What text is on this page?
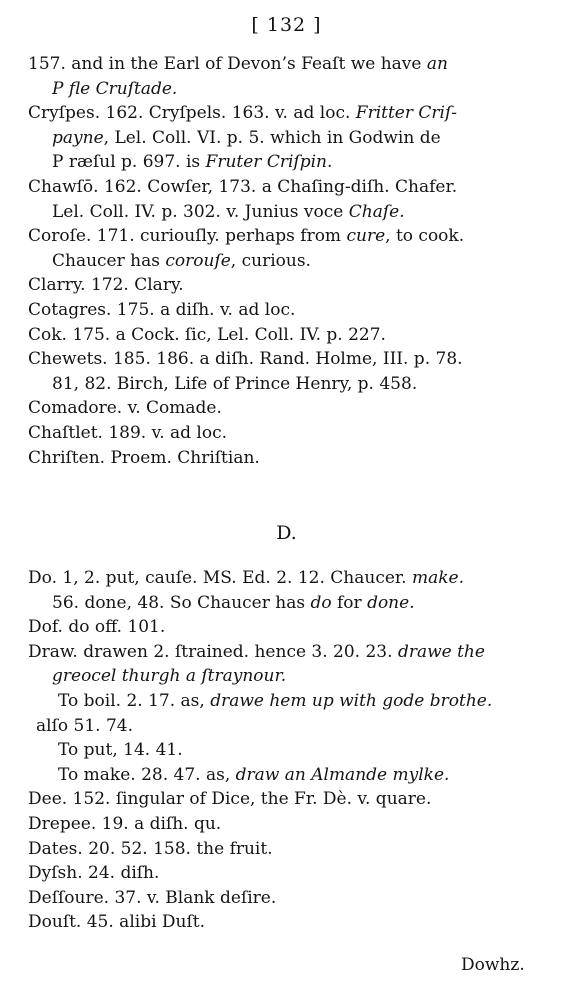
[ 132 ]
157. and in the Earl of Devon’s Feaſt we have an
P fle Cruſtade.
Cryſpes. 162. Cryſpels. 163. v. ad loc. Fritter Criſ-
payne, Lel. Coll. VI. p. 5. which in Godwin de
P ræſul p. 697. is Fruter Criſpin.
Chawſō. 162. Cowſer, 173. a Chaſing-diſh. Chafer.
Lel. Coll. IV. p. 302. v. Junius voce Chaſe.
Coroſe. 171. curiouſly. perhaps from cure, to cook.
Chaucer has corouſe, curious.
Clarry. 172. Clary.
Cotagres. 175. a diſh. v. ad loc.
Cok. 175. a Cock. ſic, Lel. Coll. IV. p. 227.
Chewets. 185. 186. a diſh. Rand. Holme, III. p. 78.
81, 82. Birch, Life of Prince Henry, p. 458.
Comadore. v. Comade.
Chaſtlet. 189. v. ad loc.
Chriſten. Proem. Chriſtian.
D.
Do. 1, 2. put, cauſe. MS. Ed. 2. 12. Chaucer. make.
56. done, 48. So Chaucer has do for done.
Dof. do off. 101.
Draw. drawen 2. ſtrained. hence 3. 20. 23. drawe the
greocel thurgh a ſtraynour.
To boil. 2. 17. as, drawe hem up with gode brothe.
alſo 51. 74.
To put, 14. 41.
To make. 28. 47. as, draw an Almande mylke.
Dee. 152. ſingular of Dice, the Fr. Dè. v. quare.
Drepee. 19. a diſh. qu.
Dates. 20. 52. 158. the fruit.
Dyſsh. 24. diſh.
Deſſoure. 37. v. Blank deſire.
Douſt. 45. alibi Duſt.
Dowhz.
